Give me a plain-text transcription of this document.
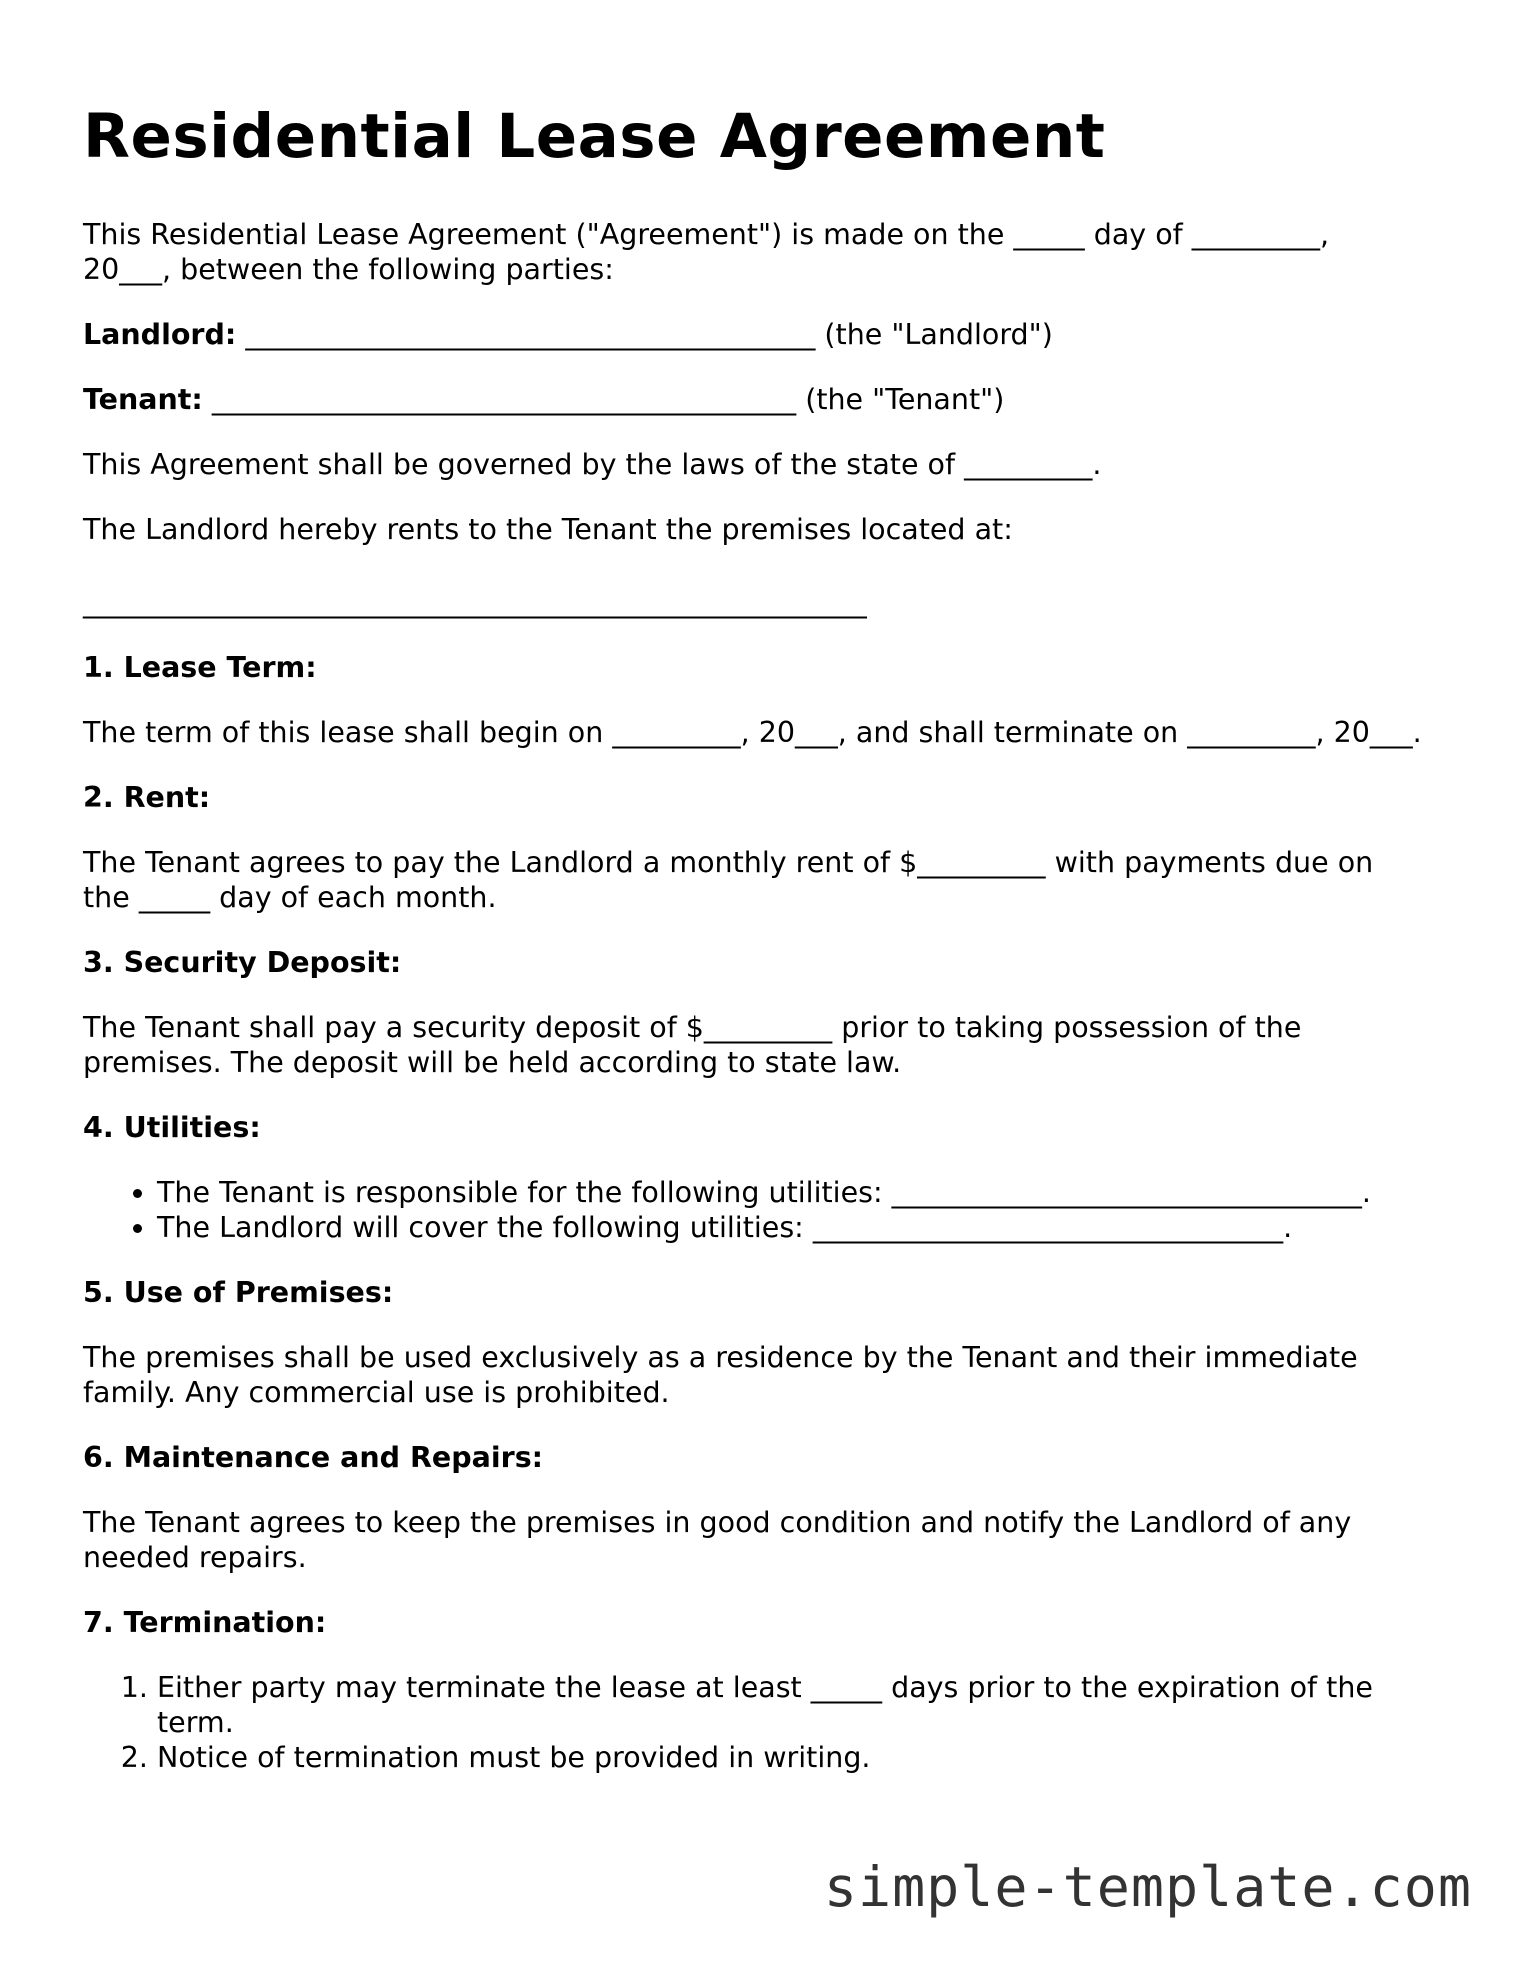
Residential Lease Agreement

This Residential Lease Agreement ("Agreement") is made on the _____ day of _________, 20___, between the following parties:

Landlord: ________________________________________ (the "Landlord")

Tenant: _________________________________________ (the "Tenant")

This Agreement shall be governed by the laws of the state of _________.

The Landlord hereby rents to the Tenant the premises located at:

_______________________________________________________

1. Lease Term:

The term of this lease shall begin on _________, 20___, and shall terminate on _________, 20___.

2. Rent:

The Tenant agrees to pay the Landlord a monthly rent of $_________ with payments due on the _____ day of each month.

3. Security Deposit:

The Tenant shall pay a security deposit of $_________ prior to taking possession of the premises. The deposit will be held according to state law.

4. Utilities:
• The Tenant is responsible for the following utilities: _________________________________.
• The Landlord will cover the following utilities: _________________________________.
5. Use of Premises:

The premises shall be used exclusively as a residence by the Tenant and their immediate family. Any commercial use is prohibited.

6. Maintenance and Repairs:

The Tenant agrees to keep the premises in good condition and notify the Landlord of any needed repairs.

7. Termination:
1. Either party may terminate the lease at least _____ days prior to the expiration of the term.
2. Notice of termination must be provided in writing.
simple-template.com
